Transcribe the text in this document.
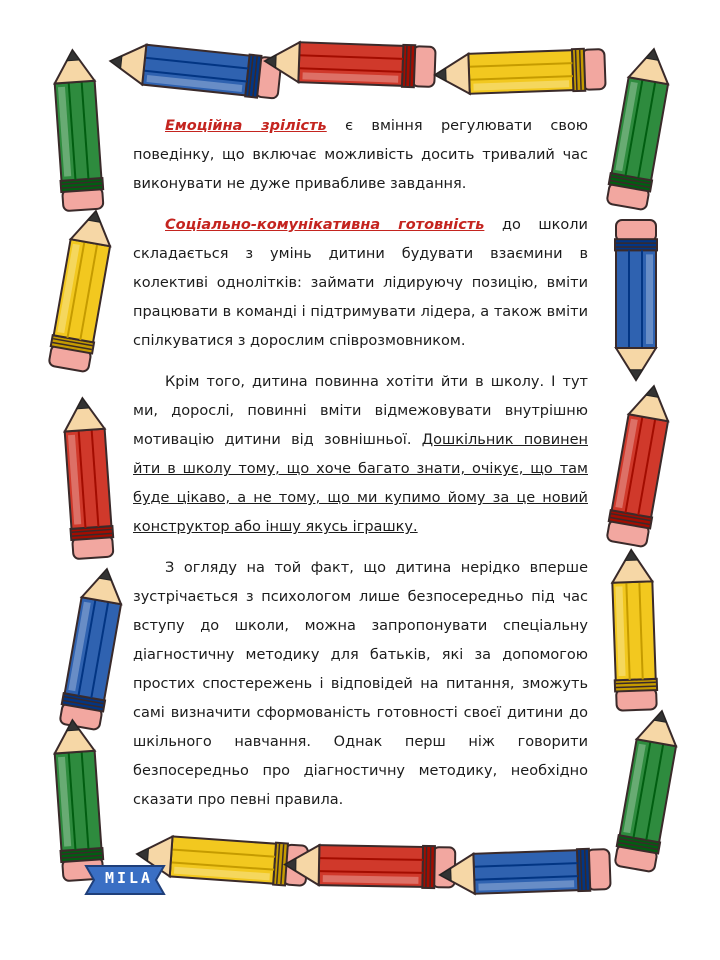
Емоційна зрілість є вміння регулювати свою поведінку, що включає можливість досить тривалий час виконувати не дуже привабливе завдання.

Соціально-комунікативна готовність до школи складається з умінь дитини будувати взаємини в колективі однолітків: займати лідируючу позицію, вміти працювати в команді і підтримувати лідера, а також вміти спілкуватися з дорослим співрозмовником.

Крім того, дитина повинна хотіти йти в школу. І тут ми, дорослі, повинні вміти відмежовувати внутрішню мотивацію дитини від зовнішньої. Дошкільник повинен йти в школу тому, що хоче багато знати, очікує, що там буде цікаво, а не тому, що ми купимо йому за це новий конструктор або іншу якусь іграшку.

З огляду на той факт, що дитина нерідко вперше зустрічається з психологом лише безпосередньо під час вступу до школи, можна запропонувати спеціальну діагностичну методику для батьків, які за допомогою простих спостережень і відповідей на питання, зможуть самі визначити сформованість готовності своєї дитини до шкільного навчання. Однак перш ніж говорити безпосередньо про діагностичну методику, необхідно сказати про певні правила.

MILA
